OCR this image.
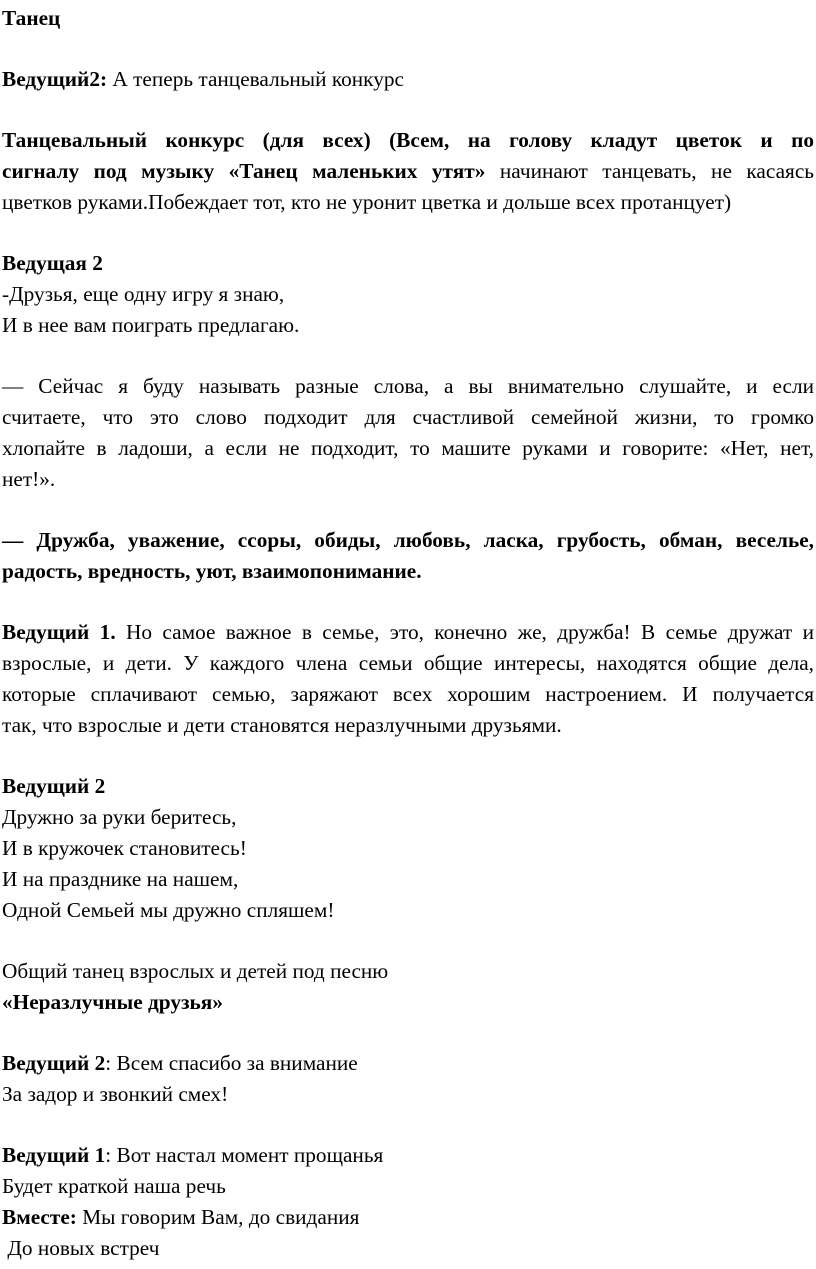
Танец
Ведущий2: А теперь танцевальный конкурс
Танцевальный конкурс (для всех) (Всем, на голову кладут цветок и по
сигналу под музыку «Танец маленьких утят» начинают танцевать, не касаясь
цветков руками.Побеждает тот, кто не уронит цветка и дольше всех протанцует)
Ведущая 2
-Друзья, еще одну игру я знаю,
И в нее вам поиграть предлагаю.
— Сейчас я буду называть разные слова, а вы внимательно слушайте, и если
считаете, что это слово подходит для счастливой семейной жизни, то громко
хлопайте в ладоши, а если не подходит, то машите руками и говорите: «Нет, нет,
нет!».
— Дружба, уважение, ссоры, обиды, любовь, ласка, грубость, обман, веселье,
радость, вредность, уют, взаимопонимание.
Ведущий 1. Но самое важное в семье, это, конечно же, дружба! В семье дружат и
взрослые, и дети. У каждого члена семьи общие интересы, находятся общие дела,
которые сплачивают семью, заряжают всех хорошим настроением. И получается
так, что взрослые и дети становятся неразлучными друзьями.
Ведущий 2
Дружно за руки беритесь,
И в кружочек становитесь!
И на празднике на нашем,
Одной Семьей мы дружно спляшем!
Общий танец взрослых и детей под песню
«Неразлучные друзья»
Ведущий 2: Всем спасибо за внимание
За задор и звонкий смех!
Ведущий 1: Вот настал момент прощанья
Будет краткой наша речь
Вместе: Мы говорим Вам, до свидания
До новых встреч
